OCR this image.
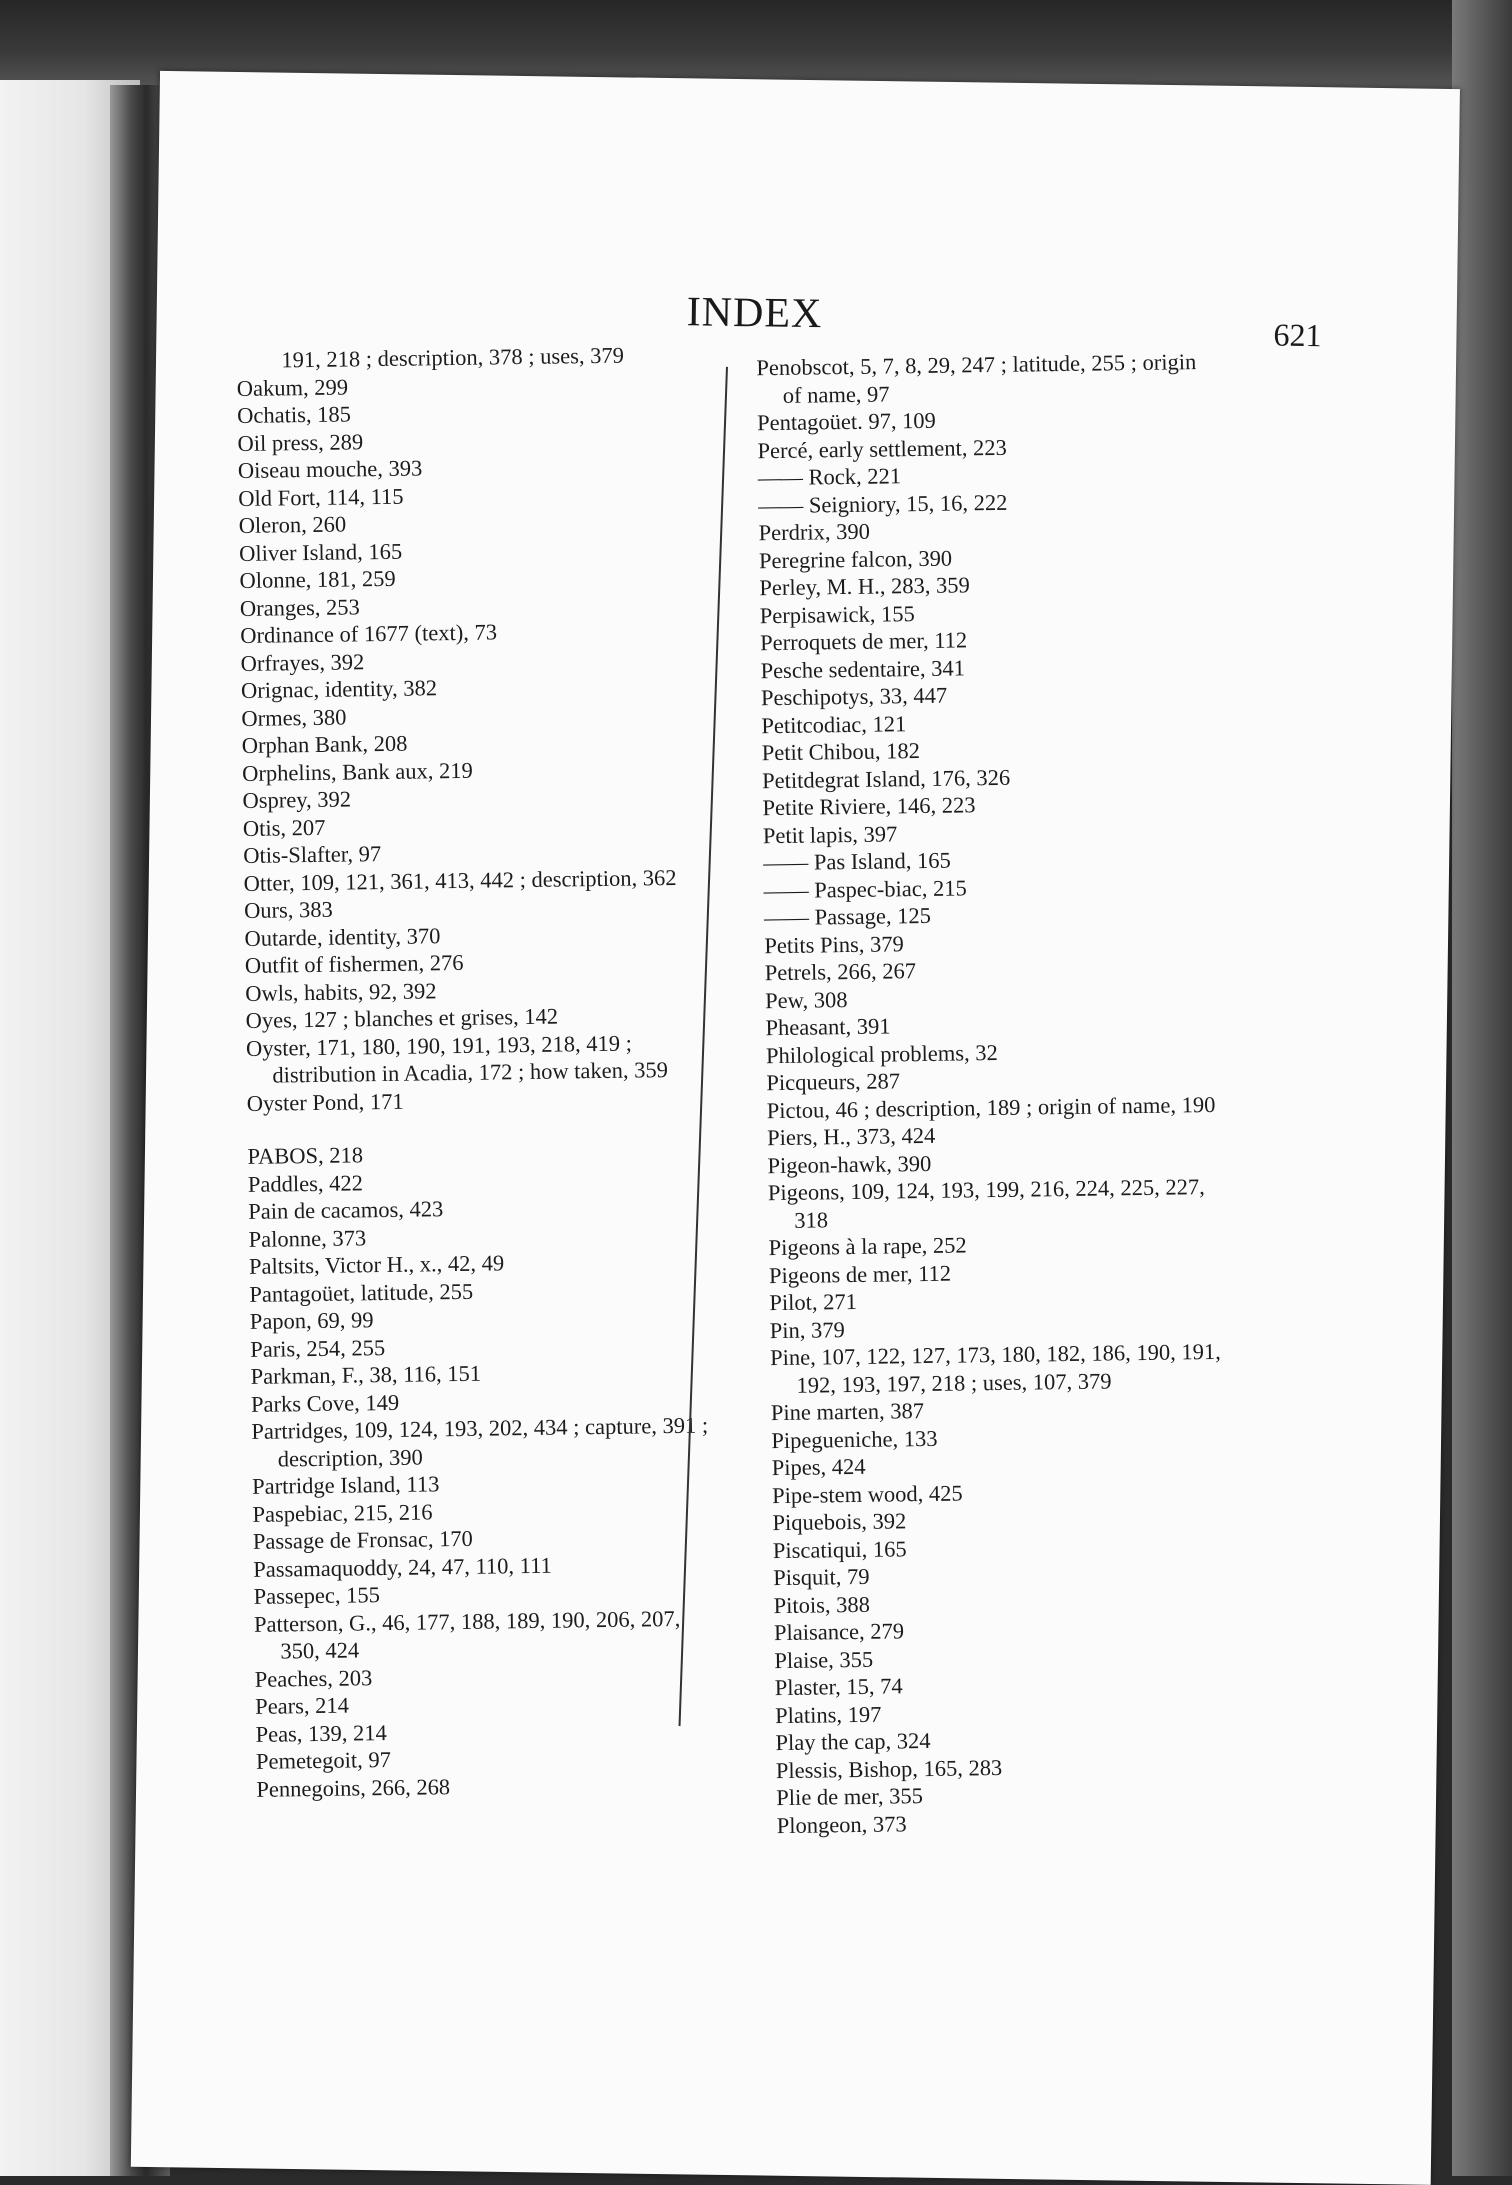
INDEX	621
191, 218 ; description, 378 ; uses, 379
Oakum, 299
Ochatis, 185
Oil press, 289
Oiseau mouche, 393
Old Fort, 114, 115
Oleron, 260
Oliver Island, 165
Olonne, 181, 259
Oranges, 253
Ordinance of 1677 (text), 73
Orfrayes, 392
Orignac, identity, 382
Ormes, 380
Orphan Bank, 208
Orphelins, Bank aux, 219
Osprey, 392
Otis, 207
Otis-Slafter, 97
Otter, 109, 121, 361, 413, 442 ; description, 362
Ours, 383
Outarde, identity, 370
Outfit of fishermen, 276
Owls, habits, 92, 392
Oyes, 127 ; blanches et grises, 142
Oyster, 171, 180, 190, 191, 193, 218, 419 ; distribution in Acadia, 172 ; how taken, 359
Oyster Pond, 171
PABOS, 218
Paddles, 422
Pain de cacamos, 423
Palonne, 373
Paltsits, Victor H., x., 42, 49
Pantagoüet, latitude, 255
Papon, 69, 99
Paris, 254, 255
Parkman, F., 38, 116, 151
Parks Cove, 149
Partridges, 109, 124, 193, 202, 434 ; capture, 391 ; description, 390
Partridge Island, 113
Paspebiac, 215, 216
Passage de Fronsac, 170
Passamaquoddy, 24, 47, 110, 111
Passepec, 155
Patterson, G., 46, 177, 188, 189, 190, 206, 207, 350, 424
Peaches, 203
Pears, 214
Peas, 139, 214
Pemetegoit, 97
Pennegoins, 266, 268
Penobscot, 5, 7, 8, 29, 247 ; latitude, 255 ; origin of name, 97
Pentagoüet. 97, 109
Percé, early settlement, 223
—— Rock, 221
—— Seigniory, 15, 16, 222
Perdrix, 390
Peregrine falcon, 390
Perley, M. H., 283, 359
Perpisawick, 155
Perroquets de mer, 112
Pesche sedentaire, 341
Peschipotys, 33, 447
Petitcodiac, 121
Petit Chibou, 182
Petitdegrat Island, 176, 326
Petite Riviere, 146, 223
Petit lapis, 397
—— Pas Island, 165
—— Paspec-biac, 215
—— Passage, 125
Petits Pins, 379
Petrels, 266, 267
Pew, 308
Pheasant, 391
Philological problems, 32
Picqueurs, 287
Pictou, 46 ; description, 189 ; origin of name, 190
Piers, H., 373, 424
Pigeon-hawk, 390
Pigeons, 109, 124, 193, 199, 216, 224, 225, 227, 318
Pigeons à la rape, 252
Pigeons de mer, 112
Pilot, 271
Pin, 379
Pine, 107, 122, 127, 173, 180, 182, 186, 190, 191, 192, 193, 197, 218 ; uses, 107, 379
Pine marten, 387
Pipegueniche, 133
Pipes, 424
Pipe-stem wood, 425
Piquebois, 392
Piscatiqui, 165
Pisquit, 79
Pitois, 388
Plaisance, 279
Plaise, 355
Plaster, 15, 74
Platins, 197
Play the cap, 324
Plessis, Bishop, 165, 283
Plie de mer, 355
Plongeon, 373
